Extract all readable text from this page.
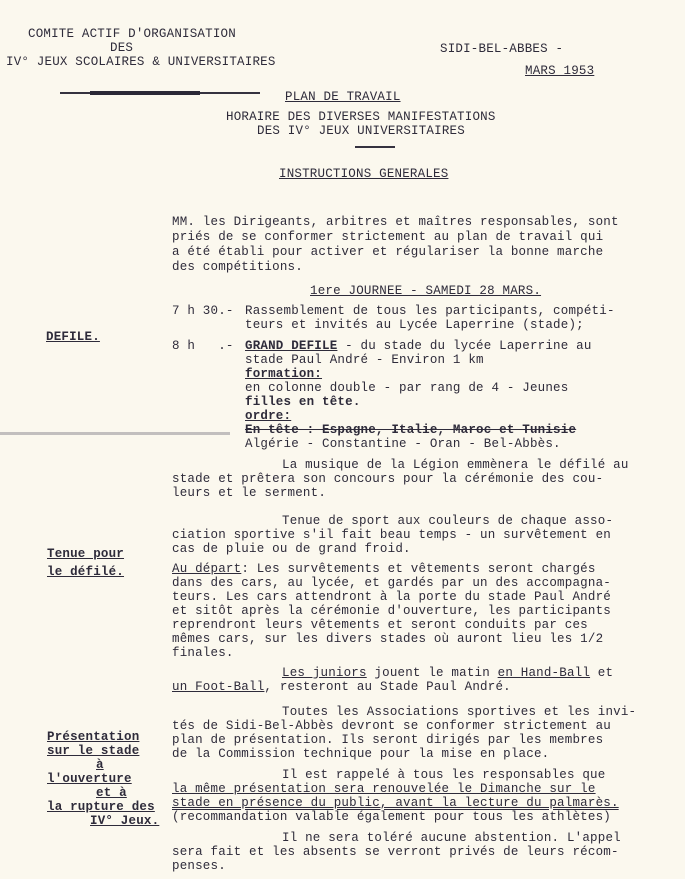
COMITE ACTIF D'ORGANISATION
DES
IV° JEUX SCOLAIRES & UNIVERSITAIRES
SIDI-BEL-ABBES -
MARS 1953
PLAN DE TRAVAIL
HORAIRE DES DIVERSES MANIFESTATIONS
DES IV° JEUX UNIVERSITAIRES
INSTRUCTIONS GENERALES
MM. les Dirigeants, arbitres et maîtres responsables, sont
priés de se conformer strictement au plan de travail qui
a été établi pour activer et régulariser la bonne marche
des compétitions.
1ere JOURNEE - SAMEDI 28 MARS.
DEFILE.
Tenue pour
le défilé.
Présentation
sur le stade
à
l'ouverture
et à
la rupture des
IV° Jeux.
7 h 30.- Rassemblement de tous les participants, compéti-
teurs et invités au Lycée Laperrine (stade);
8 h   .- GRAND DEFILE - du stade du lycée Laperrine au
stade Paul André - Environ 1 km
formation:
en colonne double - par rang de 4 - Jeunes
filles en tête.
ordre:
En tête : Espagne, Italie, Maroc et Tunisie
Algérie - Constantine - Oran - Bel-Abbès.
La musique de la Légion emmènera le défilé au
stade et prêtera son concours pour la cérémonie des cou-
leurs et le serment.
Tenue de sport aux couleurs de chaque asso-
ciation sportive s'il fait beau temps - un survêtement en
cas de pluie ou de grand froid.
Au départ: Les survêtements et vêtements seront chargés
dans des cars, au lycée, et gardés par un des accompagna-
teurs. Les cars attendront à la porte du stade Paul André
et sitôt après la cérémonie d'ouverture, les participants
reprendront leurs vêtements et seront conduits par ces
mêmes cars, sur les divers stades où auront lieu les 1/2
finales.
Les juniors jouent le matin en Hand-Ball et
un Foot-Ball, resteront au Stade Paul André.
Toutes les Associations sportives et les invi-
tés de Sidi-Bel-Abbès devront se conformer strictement au
plan de présentation. Ils seront dirigés par les membres
de la Commission technique pour la mise en place.
Il est rappelé à tous les responsables que
la même présentation sera renouvelée le Dimanche sur le
stade en présence du public, avant la lecture du palmarès.
(recommandation valable également pour tous les athlètes)
Il ne sera toléré aucune abstention. L'appel
sera fait et les absents se verront privés de leurs récom-
penses.
